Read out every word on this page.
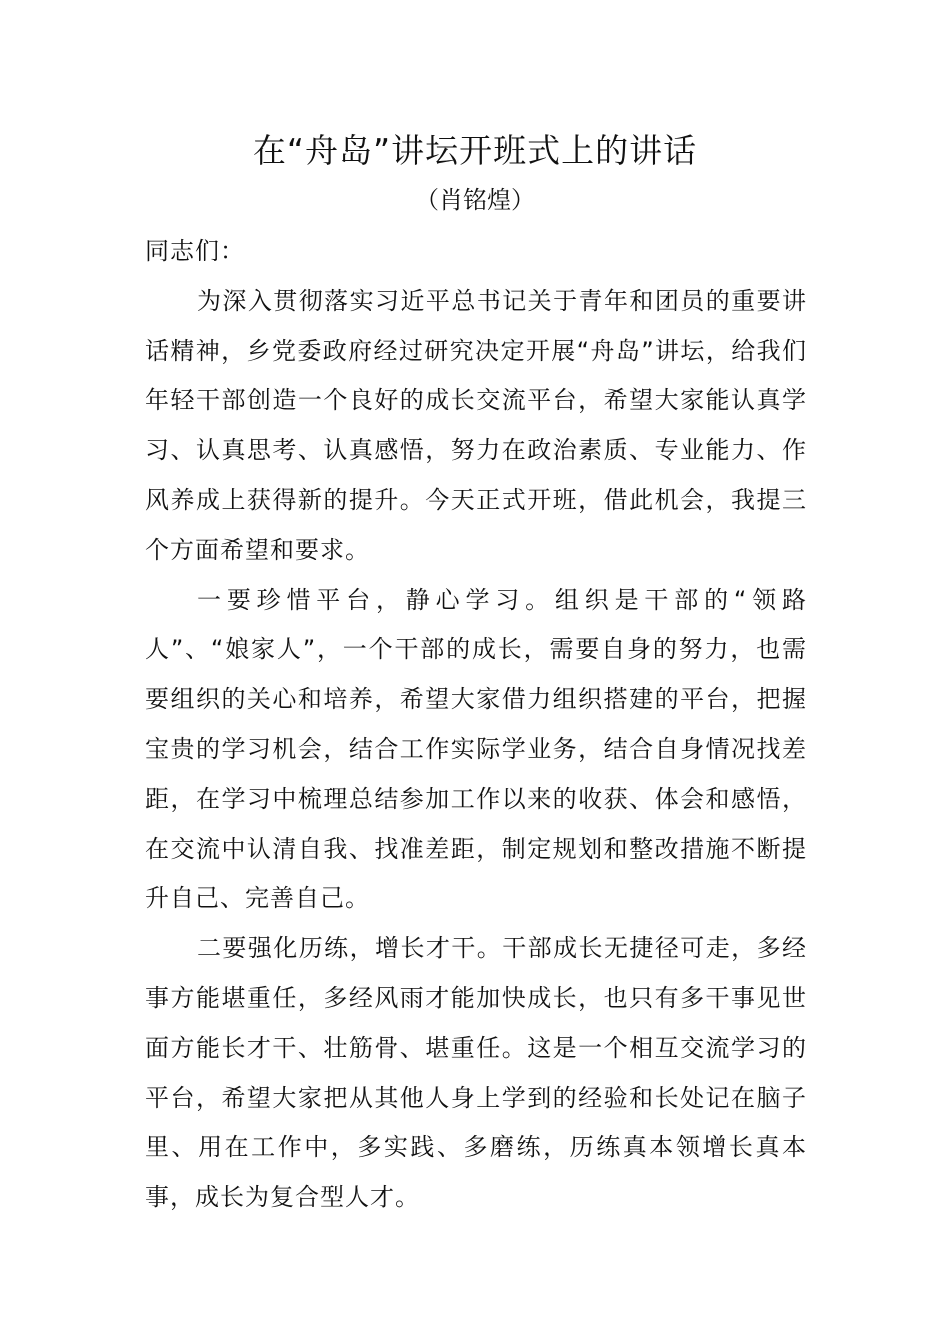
在“舟岛”讲坛开班式上的讲话
（肖铭煌）

同志们：

为深入贯彻落实习近平总书记关于青年和团员的重要讲话精神，乡党委政府经过研究决定开展“舟岛”讲坛，给我们年轻干部创造一个良好的成长交流平台，希望大家能认真学习、认真思考、认真感悟，努力在政治素质、专业能力、作风养成上获得新的提升。今天正式开班，借此机会，我提三个方面希望和要求。

一要珍惜平台，静心学习。组织是干部的“领路人”、“娘家人”，一个干部的成长，需要自身的努力，也需要组织的关心和培养，希望大家借力组织搭建的平台，把握宝贵的学习机会，结合工作实际学业务，结合自身情况找差距，在学习中梳理总结参加工作以来的收获、体会和感悟，在交流中认清自我、找准差距，制定规划和整改措施不断提升自己、完善自己。

二要强化历练，增长才干。干部成长无捷径可走，多经事方能堪重任，多经风雨才能加快成长，也只有多干事见世面方能长才干、壮筋骨、堪重任。这是一个相互交流学习的平台，希望大家把从其他人身上学到的经验和长处记在脑子里、用在工作中，多实践、多磨练，历练真本领增长真本事，成长为复合型人才。
